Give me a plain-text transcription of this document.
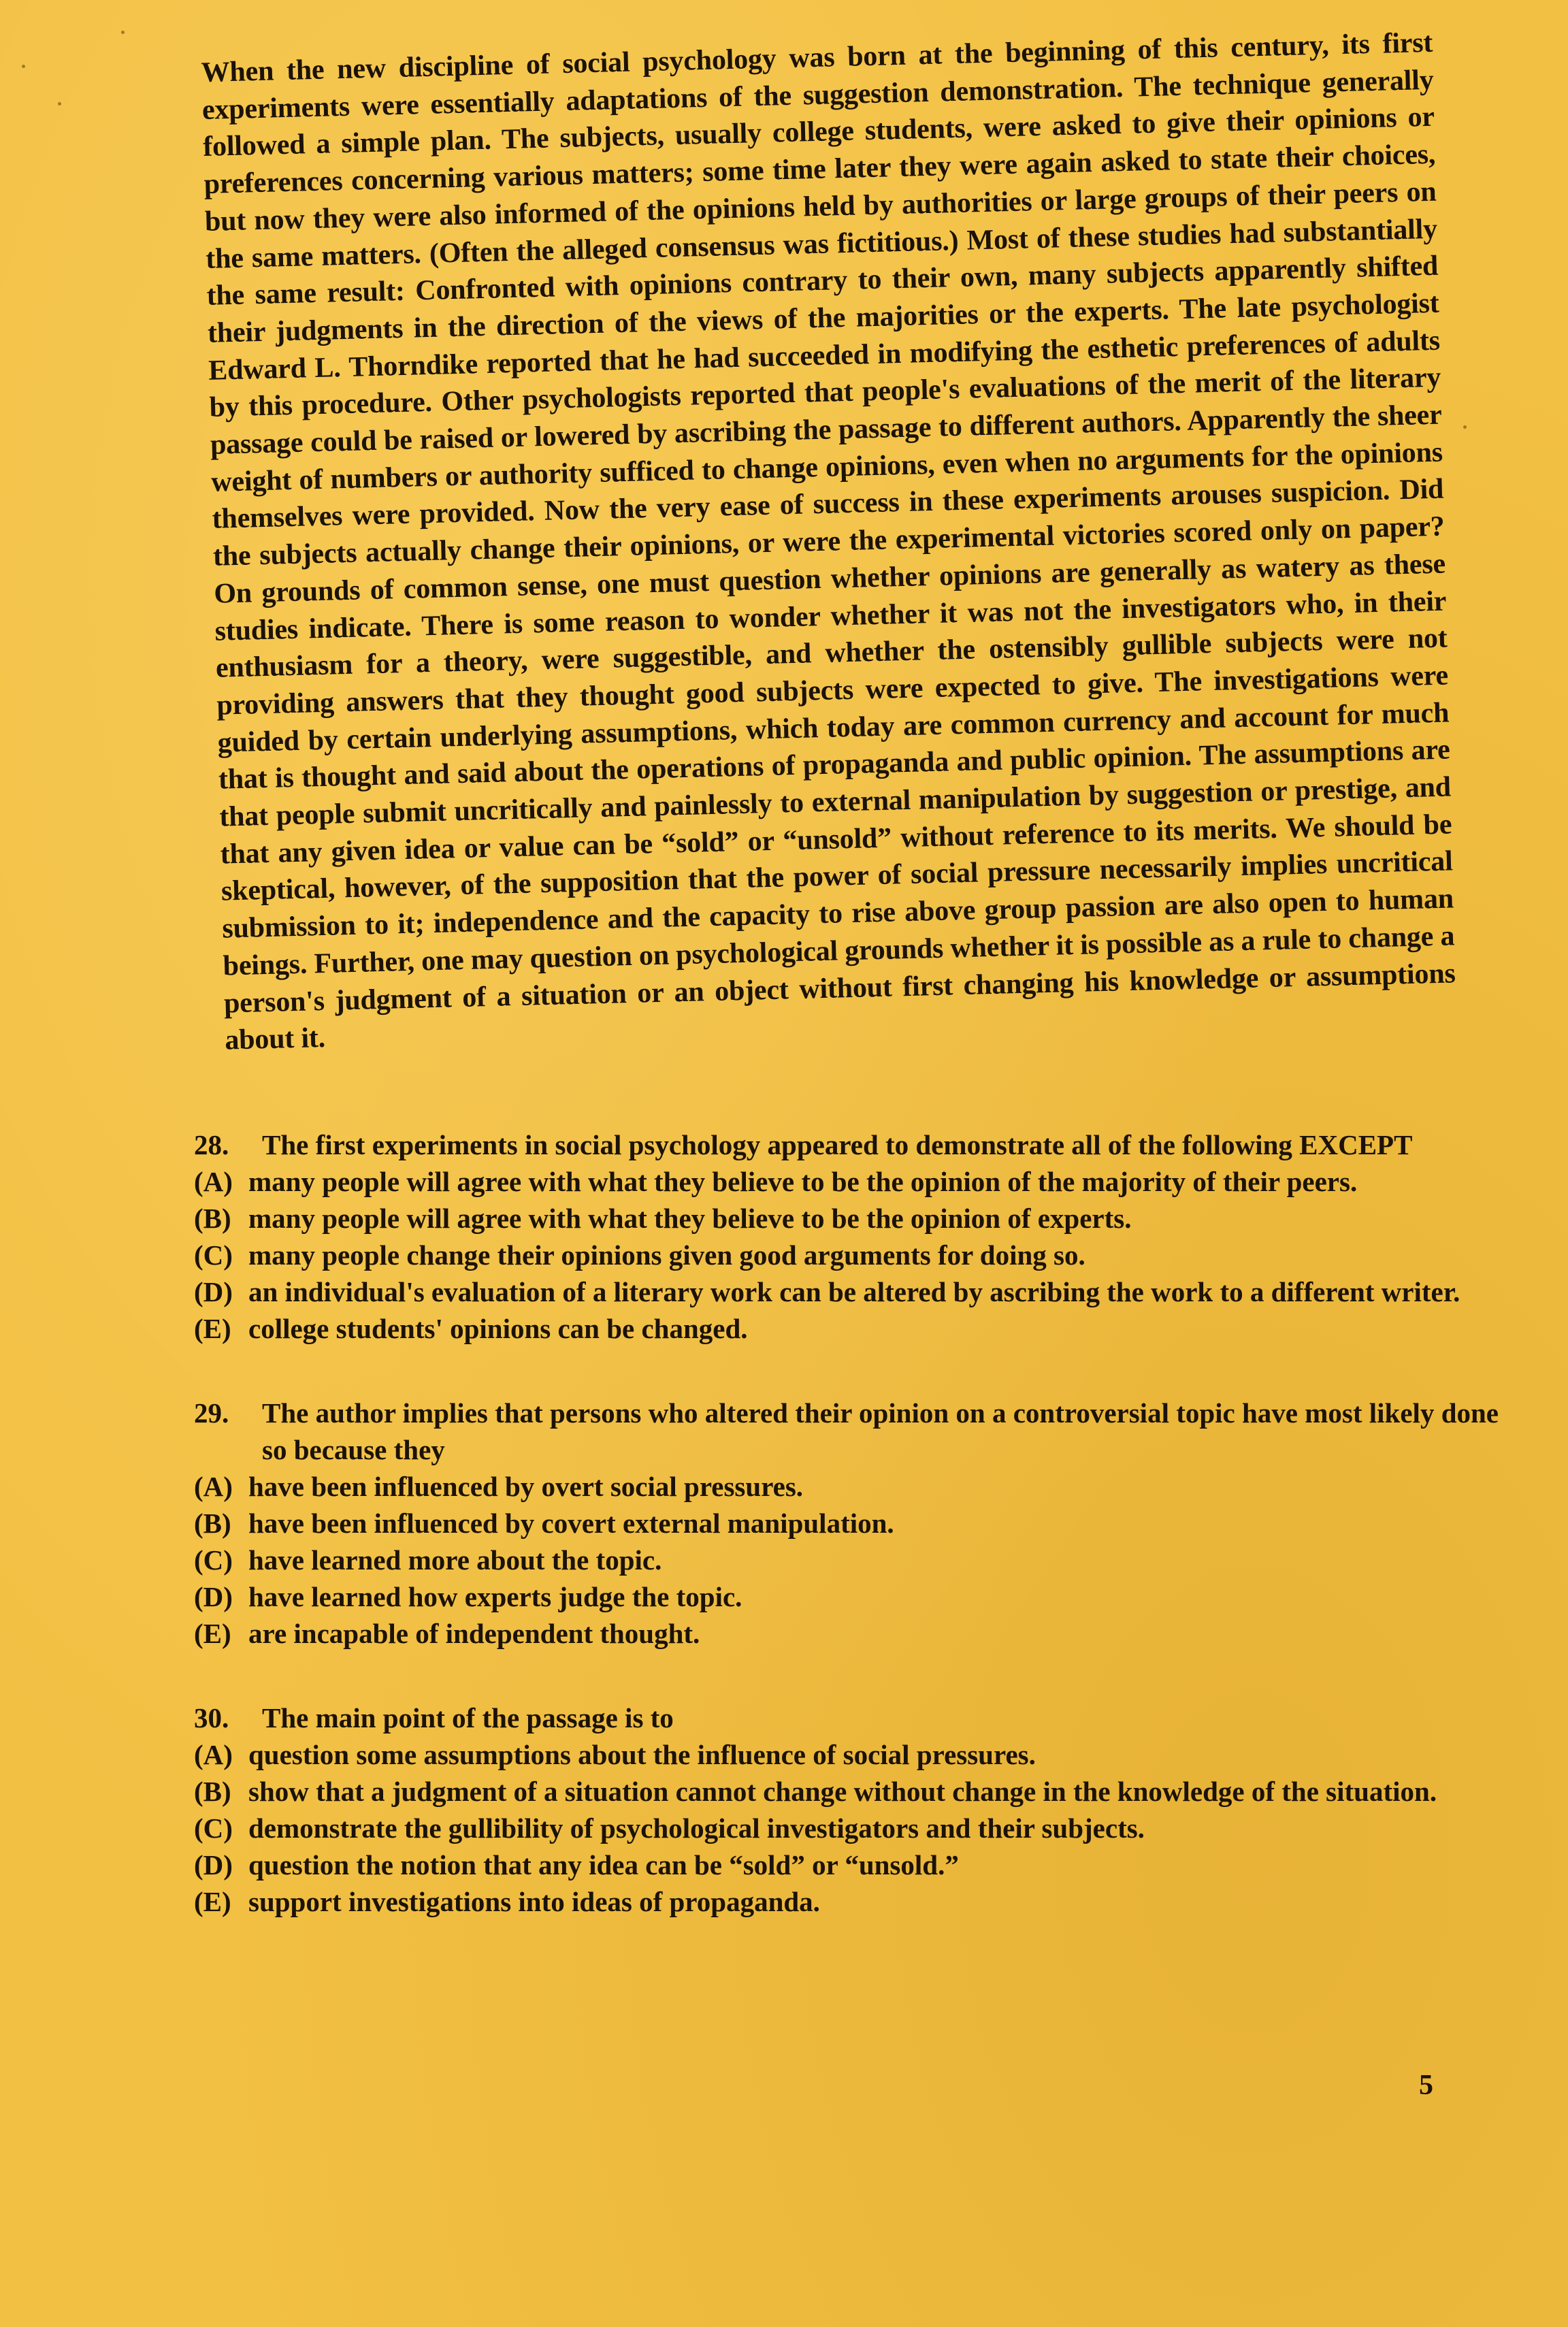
When the new discipline of social psychology was born at the beginning of this century, its first experiments were essentially adaptations of the suggestion demonstration. The technique generally followed a simple plan. The subjects, usually college students, were asked to give their opinions or preferences concerning various matters; some time later they were again asked to state their choices, but now they were also informed of the opinions held by authorities or large groups of their peers on the same matters. (Often the alleged consensus was fictitious.) Most of these studies had substantially the same result: Confronted with opinions contrary to their own, many subjects apparently shifted their judgments in the direction of the views of the majorities or the experts. The late psychologist Edward L. Thorndike reported that he had succeeded in modifying the esthetic preferences of adults by this procedure. Other psychologists reported that people's evaluations of the merit of the literary passage could be raised or lowered by ascribing the passage to different authors. Apparently the sheer weight of numbers or authority sufficed to change opinions, even when no arguments for the opinions themselves were provided. Now the very ease of success in these experiments arouses suspicion. Did the subjects actually change their opinions, or were the experimental victories scored only on paper? On grounds of common sense, one must question whether opinions are generally as watery as these studies indicate. There is some reason to wonder whether it was not the investigators who, in their enthusiasm for a theory, were suggestible, and whether the ostensibly gullible subjects were not providing answers that they thought good subjects were expected to give. The investigations were guided by certain underlying assumptions, which today are common currency and account for much that is thought and said about the operations of propaganda and public opinion. The assumptions are that people submit uncritically and painlessly to external manipulation by suggestion or prestige, and that any given idea or value can be “sold” or “unsold” without reference to its merits. We should be skeptical, however, of the supposition that the power of social pressure necessarily implies uncritical submission to it; independence and the capacity to rise above group passion are also open to human beings. Further, one may question on psychological grounds whether it is possible as a rule to change a person's judgment of a situation or an object without first changing his knowledge or assumptions about it.

28. The first experiments in social psychology appeared to demonstrate all of the following EXCEPT

(A) many people will agree with what they believe to be the opinion of the majority of their peers.

(B) many people will agree with what they believe to be the opinion of experts.

(C) many people change their opinions given good arguments for doing so.

(D) an individual's evaluation of a literary work can be altered by ascribing the work to a different writer.

(E) college students' opinions can be changed.

29. The author implies that persons who altered their opinion on a controversial topic have most likely done so because they

(A) have been influenced by overt social pressures.

(B) have been influenced by covert external manipulation.

(C) have learned more about the topic.

(D) have learned how experts judge the topic.

(E) are incapable of independent thought.

30. The main point of the passage is to

(A) question some assumptions about the influence of social pressures.

(B) show that a judgment of a situation cannot change without change in the knowledge of the situation.

(C) demonstrate the gullibility of psychological investigators and their subjects.

(D) question the notion that any idea can be “sold” or “unsold.”

(E) support investigations into ideas of propaganda.

5
